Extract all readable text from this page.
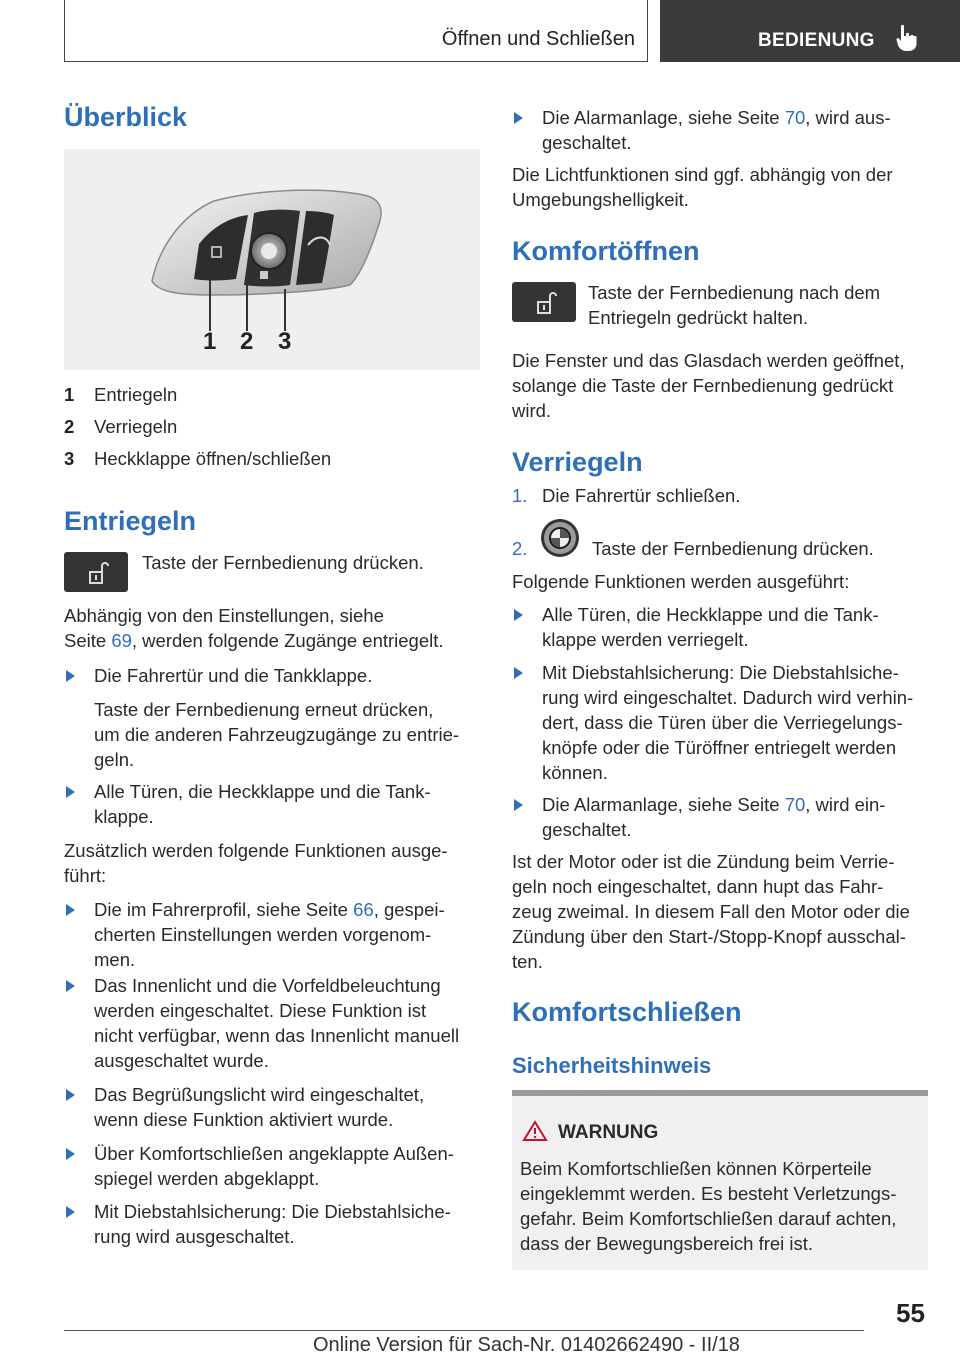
Öffnen und Schließen	BEDIENUNG
Überblick
1 2 3
1 Entriegeln
2 Verriegeln
3 Heckklappe öffnen/schließen
Entriegeln
Taste der Fernbedienung drücken.
Abhängig von den Einstellungen, siehe
Seite 69, werden folgende Zugänge entriegelt.
Die Fahrertür und die Tankklappe.
Taste der Fernbedienung erneut drücken,
um die anderen Fahrzeugzugänge zu entrie-
geln.
Alle Türen, die Heckklappe und die Tank-
klappe.
Zusätzlich werden folgende Funktionen ausge-
führt:
Die im Fahrerprofil, siehe Seite 66, gespei-
cherten Einstellungen werden vorgenom-
men.
Das Innenlicht und die Vorfeldbeleuchtung
werden eingeschaltet. Diese Funktion ist
nicht verfügbar, wenn das Innenlicht manuell
ausgeschaltet wurde.
Das Begrüßungslicht wird eingeschaltet,
wenn diese Funktion aktiviert wurde.
Über Komfortschließen angeklappte Außen-
spiegel werden abgeklappt.
Mit Diebstahlsicherung: Die Diebstahlsiche-
rung wird ausgeschaltet.
Die Alarmanlage, siehe Seite 70, wird aus-
geschaltet.
Die Lichtfunktionen sind ggf. abhängig von der
Umgebungshelligkeit.
Komfortöffnen
Taste der Fernbedienung nach dem
Entriegeln gedrückt halten.
Die Fenster und das Glasdach werden geöffnet,
solange die Taste der Fernbedienung gedrückt
wird.
Verriegeln
1. Die Fahrertür schließen.
2.	Taste der Fernbedienung drücken.
Folgende Funktionen werden ausgeführt:
Alle Türen, die Heckklappe und die Tank-
klappe werden verriegelt.
Mit Diebstahlsicherung: Die Diebstahlsiche-
rung wird eingeschaltet. Dadurch wird verhin-
dert, dass die Türen über die Verriegelungs-
knöpfe oder die Türöffner entriegelt werden
können.
Die Alarmanlage, siehe Seite 70, wird ein-
geschaltet.
Ist der Motor oder ist die Zündung beim Verrie-
geln noch eingeschaltet, dann hupt das Fahr-
zeug zweimal. In diesem Fall den Motor oder die
Zündung über den Start-/Stopp-Knopf ausschal-
ten.
Komfortschließen
Sicherheitshinweis
WARNUNG
Beim Komfortschließen können Körperteile
eingeklemmt werden. Es besteht Verletzungs-
gefahr. Beim Komfortschließen darauf achten,
dass der Bewegungsbereich frei ist.
55
Online Version für Sach-Nr. 01402662490 - II/18
